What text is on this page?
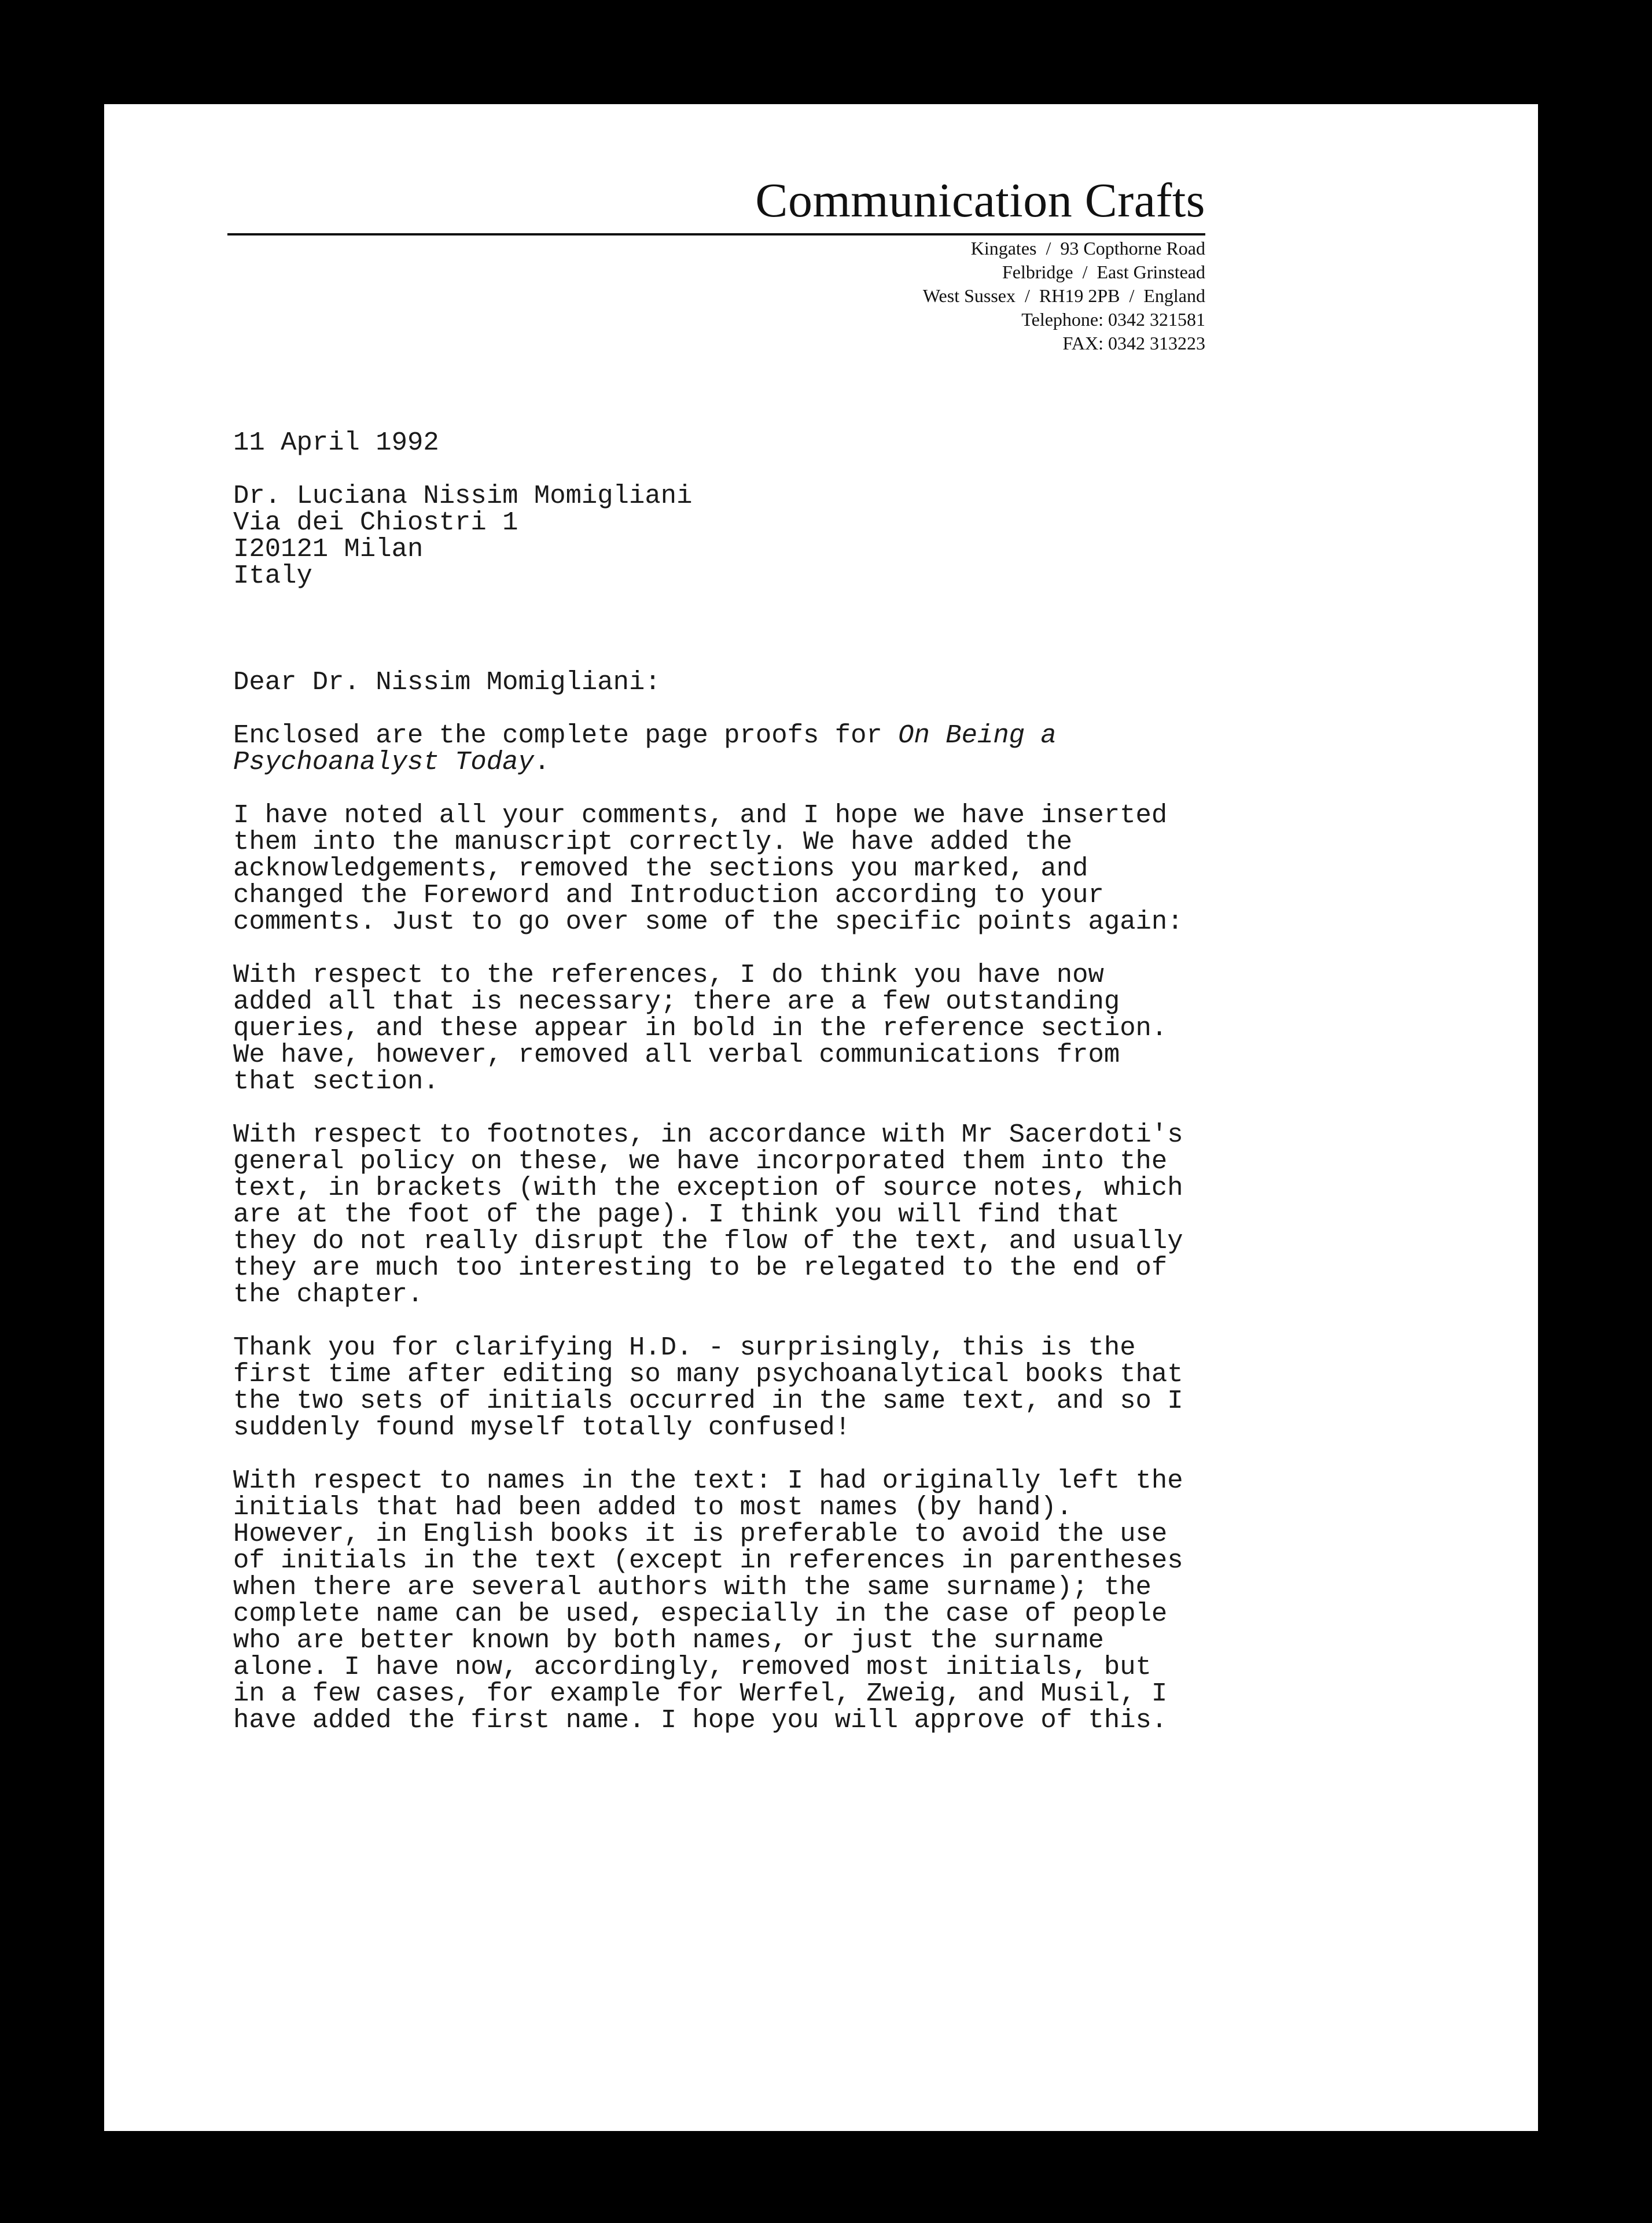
Communication Crafts
Kingates  /  93 Copthorne Road
Felbridge  /  East Grinstead
West Sussex  /  RH19 2PB  /  England
Telephone: 0342 321581
FAX: 0342 313223
11 April 1992
Dr. Luciana Nissim Momigliani
Via dei Chiostri 1
I20121 Milan
Italy
Dear Dr. Nissim Momigliani:
Enclosed are the complete page proofs for On Being a
Psychoanalyst Today.
I have noted all your comments, and I hope we have inserted
them into the manuscript correctly. We have added the
acknowledgements, removed the sections you marked, and
changed the Foreword and Introduction according to your
comments. Just to go over some of the specific points again:
With respect to the references, I do think you have now
added all that is necessary; there are a few outstanding
queries, and these appear in bold in the reference section.
We have, however, removed all verbal communications from
that section.
With respect to footnotes, in accordance with Mr Sacerdoti's
general policy on these, we have incorporated them into the
text, in brackets (with the exception of source notes, which
are at the foot of the page). I think you will find that
they do not really disrupt the flow of the text, and usually
they are much too interesting to be relegated to the end of
the chapter.
Thank you for clarifying H.D. - surprisingly, this is the
first time after editing so many psychoanalytical books that
the two sets of initials occurred in the same text, and so I
suddenly found myself totally confused!
With respect to names in the text: I had originally left the
initials that had been added to most names (by hand).
However, in English books it is preferable to avoid the use
of initials in the text (except in references in parentheses
when there are several authors with the same surname); the
complete name can be used, especially in the case of people
who are better known by both names, or just the surname
alone. I have now, accordingly, removed most initials, but
in a few cases, for example for Werfel, Zweig, and Musil, I
have added the first name. I hope you will approve of this.
